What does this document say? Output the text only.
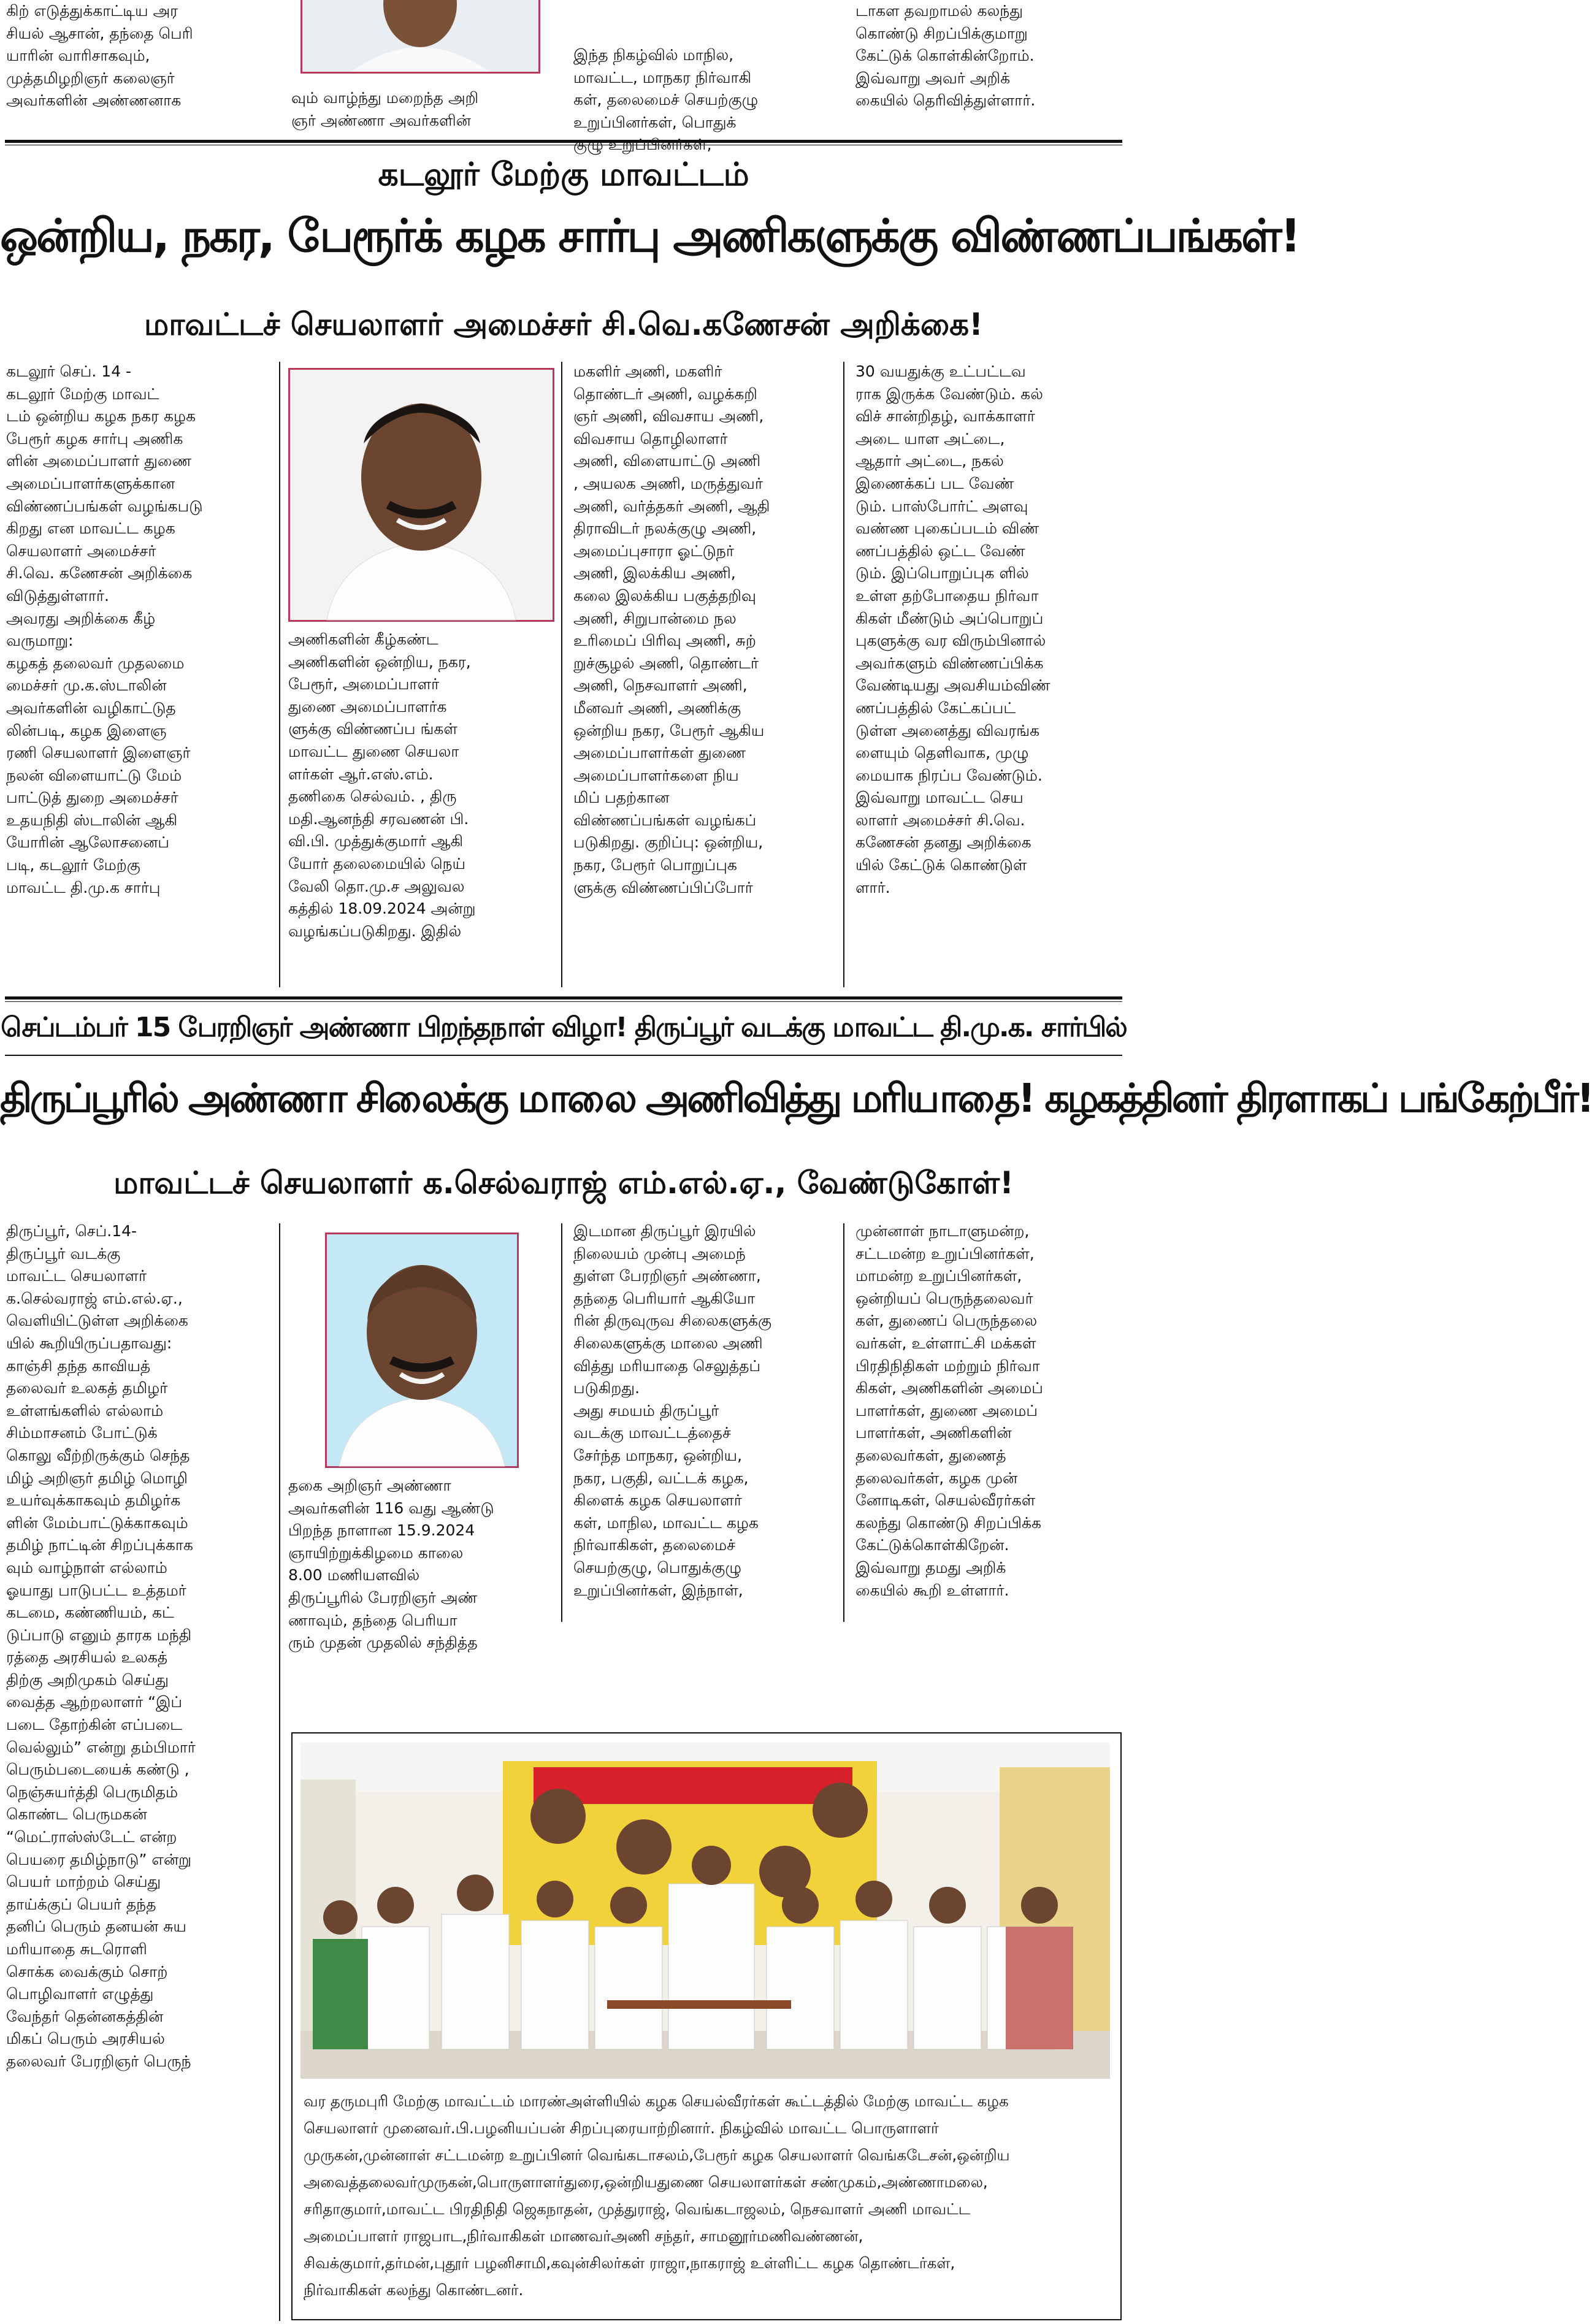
கிற் எடுத்துக்காட்டிய அர

சியல் ஆசான், தந்தை பெரி

யாரின் வாரிசாகவும்,

முத்தமிழறிஞர் கலைஞர்

அவர்களின் அண்ணனாக	வும் வாழ்ந்து மறைந்த அறி

ஞர் அண்ணா அவர்களின்

இந்த நிகழ்வில் மாநில,

மாவட்ட, மாநகர நிர்வாகி

கள், தலைமைச் செயற்குழு

உறுப்பினர்கள், பொதுக்

டாகள தவறாமல் கலந்து

கொண்டு சிறப்பிக்குமாறு

கேட்டுக் கொள்கின்றோம்.

இவ்வாறு அவர் அறிக்

கையில் தெரிவித்துள்ளார்.

கடலூர் மேற்கு மாவட்டம்
ஒன்றிய, நகர, பேரூர்க் கழக சார்பு அணிகளுக்கு விண்ணப்பங்கள்!
மாவட்டச் செயலாளர் அமைச்சர் சி.வெ.கணேசன் அறிக்கை!

கடலூர் செப். 14 -

கடலூர் மேற்கு மாவட்

டம் ஒன்றிய கழக நகர கழக

பேரூர் கழக சார்பு அணிக

ளின் அமைப்பாளர் துணை

அமைப்பாளர்களுக்கான

விண்ணப்பங்கள் வழங்கபடு

கிறது என மாவட்ட கழக

செயலாளர் அமைச்சர்

சி.வெ. கணேசன் அறிக்கை

விடுத்துள்ளார்.

அவரது அறிக்கை கீழ்

வருமாறு:

கழகத் தலைவர் முதலமை

மைச்சர் மு.க.ஸ்டாலின்

அவர்களின் வழிகாட்டுத

லின்படி, கழக இளைஞ

ரணி செயலாளர் இளைஞர்

நலன் விளையாட்டு மேம்

பாட்டுத் துறை அமைச்சர்

உதயநிதி ஸ்டாலின் ஆகி

யோரின் ஆலோசனைப்

படி, கடலூர் மேற்கு

மாவட்ட தி.மு.க சார்பு

அணிகளின் கீழ்கண்ட

அணிகளின் ஒன்றிய, நகர,

பேரூர், அமைப்பாளர்

துணை அமைப்பாளர்க

ளுக்கு விண்ணப்ப ங்கள்

மாவட்ட துணை செயலா

ளர்கள் ஆர்.எஸ்.எம்.

தணிகை செல்வம். , திரு

மதி.ஆனந்தி சரவணன் பி.

வி.பி. முத்துக்குமார் ஆகி

யோர் தலைமையில் நெய்

வேலி தொ.மு.ச அலுவல

கத்தில் 18.09.2024 அன்று

வழங்கப்படுகிறது. இதில்

மகளிர் அணி, மகளிர்

தொண்டர் அணி, வழக்கறி

ஞர் அணி, விவசாய அணி,

விவசாய தொழிலாளர்

அணி, விளையாட்டு அணி

, அயலக அணி, மருத்துவர்

அணி, வர்த்தகர் அணி, ஆதி

திராவிடர் நலக்குழு அணி,

அமைப்புசாரா ஓட்டுநர்

அணி, இலக்கிய அணி,

கலை இலக்கிய பகுத்தறிவு

அணி, சிறுபான்மை நல

உரிமைப் பிரிவு அணி, சுற்

றுச்சூழல் அணி, தொண்டர்

அணி, நெசவாளர் அணி,

மீனவர் அணி, அணிக்கு

ஒன்றிய நகர, பேரூர் ஆகிய

அமைப்பாளர்கள் துணை

அமைப்பாளர்களை நிய

மிப் பதற்கான

விண்ணப்பங்கள் வழங்கப்

படுகிறது. குறிப்பு: ஒன்றிய,

நகர, பேரூர் பொறுப்புக

ளுக்கு விண்ணப்பிப்போர்

30 வயதுக்கு உட்பட்டவ

ராக இருக்க வேண்டும். கல்

விச் சான்றிதழ், வாக்காளர்

அடை யாள அட்டை,

ஆதார் அட்டை, நகல்

இணைக்கப் பட வேண்

டும். பாஸ்போர்ட் அளவு

வண்ண புகைப்படம் விண்

ணப்பத்தில் ஒட்ட வேண்

டும். இப்பொறுப்புக ளில்

உள்ள தற்போதைய நிர்வா

கிகள் மீண்டும் அப்பொறுப்

புகளுக்கு வர விரும்பினால்

அவர்களும் விண்ணப்பிக்க

வேண்டியது அவசியம்விண்

ணப்பத்தில் கேட்கப்பட்

டுள்ள அனைத்து விவரங்க

ளையும் தெளிவாக, முழு

மையாக நிரப்ப வேண்டும்.

இவ்வாறு மாவட்ட செய

லாளர் அமைச்சர் சி.வெ.

கணேசன் தனது அறிக்கை

யில் கேட்டுக் கொண்டுள்

ளார்.

செப்டம்பர் 15 பேரறிஞர் அண்ணா பிறந்தநாள் விழா! திருப்பூர் வடக்கு மாவட்ட தி.மு.க. சார்பில்
திருப்பூரில் அண்ணா சிலைக்கு மாலை அணிவித்து மரியாதை! கழகத்தினர் திரளாகப் பங்கேற்பீர்!
மாவட்டச் செயலாளர் க.செல்வராஜ் எம்.எல்.ஏ., வேண்டுகோள்!

திருப்பூர், செப்.14-

திருப்பூர் வடக்கு

மாவட்ட செயலாளர்

க.செல்வராஜ் எம்.எல்.ஏ.,

வெளியிட்டுள்ள அறிக்கை

யில் கூறியிருப்பதாவது:

காஞ்சி தந்த காவியத்

தலைவர் உலகத் தமிழர்

உள்ளங்களில் எல்லாம்

சிம்மாசனம் போட்டுக்

கொலு வீற்றிருக்கும் செந்த

மிழ் அறிஞர் தமிழ் மொழி

உயர்வுக்காகவும் தமிழர்க

ளின் மேம்பாட்டுக்காகவும்

தமிழ் நாட்டின் சிறப்புக்காக

வும் வாழ்நாள் எல்லாம்

ஓயாது பாடுபட்ட உத்தமர்

கடமை, கண்ணியம், கட்

டுப்பாடு எனும் தாரக மந்தி

ரத்தை அரசியல் உலகத்

திற்கு அறிமுகம் செய்து

வைத்த ஆற்றலாளர் “இப்

படை தோற்கின் எப்படை

வெல்லும்” என்று தம்பிமார்

பெரும்படையைக் கண்டு ,

நெஞ்சுயர்த்தி பெருமிதம்

கொண்ட பெருமகன்

“மெட்ராஸ்ஸ்டேட் என்ற

பெயரை தமிழ்நாடு” என்று

பெயர் மாற்றம் செய்து

தாய்க்குப் பெயர் தந்த

தனிப் பெரும் தனயன் சுய

மரியாதை சுடரொளி

சொக்க வைக்கும் சொற்

பொழிவாளர் எழுத்து

வேந்தர் தென்னகத்தின்

மிகப் பெரும் அரசியல்

தலைவர் பேரறிஞர் பெருந்

தகை அறிஞர் அண்ணா

அவர்களின் 116 வது ஆண்டு

பிறந்த நாளான 15.9.2024

ஞாயிற்றுக்கிழமை காலை

8.00 மணியளவில்

திருப்பூரில் பேரறிஞர் அண்

ணாவும், தந்தை பெரியா

ரும் முதன் முதலில் சந்தித்த

இடமான திருப்பூர் இரயில்

நிலையம் முன்பு அமைந்

துள்ள பேரறிஞர் அண்ணா,

தந்தை பெரியார் ஆகியோ

ரின் திருவுருவ சிலைகளுக்கு

சிலைகளுக்கு மாலை அணி

வித்து மரியாதை செலுத்தப்

படுகிறது.

அது சமயம் திருப்பூர்

வடக்கு மாவட்டத்தைச்

சேர்ந்த மாநகர, ஒன்றிய,

நகர, பகுதி, வட்டக் கழக,

கிளைக் கழக செயலாளர்

கள், மாநில, மாவட்ட கழக

நிர்வாகிகள், தலைமைச்

செயற்குழு, பொதுக்குழு

உறுப்பினர்கள், இந்நாள்,

முன்னாள் நாடாளுமன்ற,

சட்டமன்ற உறுப்பினர்கள்,

மாமன்ற உறுப்பினர்கள்,

ஒன்றியப் பெருந்தலைவர்

கள், துணைப் பெருந்தலை

வர்கள், உள்ளாட்சி மக்கள்

பிரதிநிதிகள் மற்றும் நிர்வா

கிகள், அணிகளின் அமைப்

பாளர்கள், துணை அமைப்

பாளர்கள், அணிகளின்

தலைவர்கள், துணைத்

தலைவர்கள், கழக முன்

னோடிகள், செயல்வீரர்கள்

கலந்து கொண்டு சிறப்பிக்க

கேட்டுக்கொள்கிறேன்.

இவ்வாறு தமது அறிக்

கையில் கூறி உள்ளார்.

வர தருமபுரி மேற்கு மாவட்டம் மாரண்அள்ளியில் கழக செயல்வீரர்கள் கூட்டத்தில் மேற்கு மாவட்ட கழக

செயலாளர் முனைவர்.பி.பழனியப்பன் சிறப்புரையாற்றினார். நிகழ்வில் மாவட்ட பொருளாளர்

முருகன்,முன்னாள் சட்டமன்ற உறுப்பினர் வெங்கடாசலம்,பேரூர் கழக செயலாளர் வெங்கடேசன்,ஒன்றிய

அவைத்தலைவர்முருகன்,பொருளாளர்துரை,ஒன்றியதுணை செயலாளர்கள் சண்முகம்,அண்ணாமலை,

சரிதாகுமார்,மாவட்ட பிரதிநிதி ஜெகநாதன், முத்துராஜ், வெங்கடாஜலம், நெசவாளர் அணி மாவட்ட

அமைப்பாளர் ராஜபாட,நிர்வாகிகள் மாணவர்அணி சந்தர், சாமனூர்மணிவண்ணன்,

சிவக்குமார்,தர்மன்,புதூர் பழனிசாமி,கவுன்சிலர்கள் ராஜா,நாகராஜ் உள்ளிட்ட கழக தொண்டர்கள்,

நிர்வாகிகள் கலந்து கொண்டனர்.
